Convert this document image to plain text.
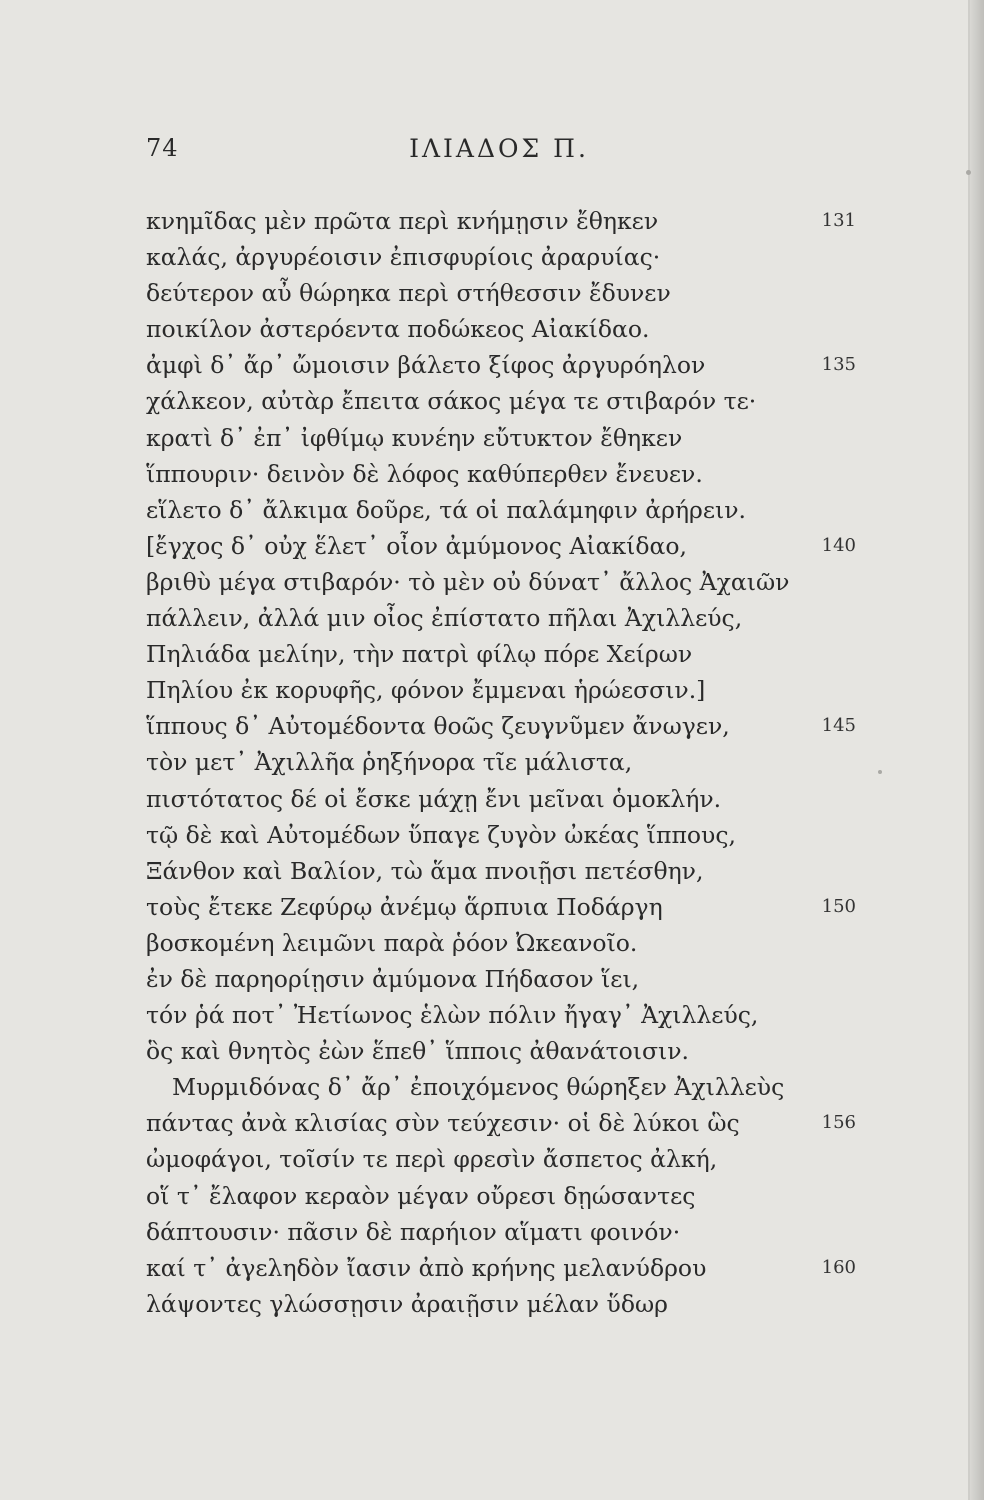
74	ΙΛΙΑΔΟΣ Π.
κνημῖδας μὲν πρῶτα περὶ κνήμῃσιν ἔθηκεν	131
καλάς, ἀργυρέοισιν ἐπισφυρίοις ἀραρυίας·
δεύτερον αὖ θώρηκα περὶ στήθεσσιν ἔδυνεν
ποικίλον ἀστερόεντα ποδώκεος Αἰακίδαο.
ἀμφὶ δ᾽ ἄρ᾽ ὤμοισιν βάλετο ξίφος ἀργυρόηλον	135
χάλκεον, αὐτὰρ ἔπειτα σάκος μέγα τε στιβαρόν τε·
κρατὶ δ᾽ ἐπ᾽ ἰφθίμῳ κυνέην εὔτυκτον ἔθηκεν
ἵππουριν· δεινὸν δὲ λόφος καθύπερθεν ἔνευεν.
εἵλετο δ᾽ ἄλκιμα δοῦρε, τά οἱ παλάμηφιν ἀρήρειν.
[ἔγχος δ᾽ οὐχ ἕλετ᾽ οἶον ἀμύμονος Αἰακίδαο,	140
βριθὺ μέγα στιβαρόν· τὸ μὲν οὐ δύνατ᾽ ἄλλος Ἀχαιῶν
πάλλειν, ἀλλά μιν οἶος ἐπίστατο πῆλαι Ἀχιλλεύς,
Πηλιάδα μελίην, τὴν πατρὶ φίλῳ πόρε Χείρων
Πηλίου ἐκ κορυφῆς, φόνον ἔμμεναι ἡρώεσσιν.]
ἵππους δ᾽ Αὐτομέδοντα θοῶς ζευγνῦμεν ἄνωγεν,	145
τὸν μετ᾽ Ἀχιλλῆα ῥηξήνορα τῖε μάλιστα,
πιστότατος δέ οἱ ἔσκε μάχῃ ἔνι μεῖναι ὁμοκλήν.
τῷ δὲ καὶ Αὐτομέδων ὕπαγε ζυγὸν ὠκέας ἵππους,
Ξάνθον καὶ Βαλίον, τὼ ἅμα πνοιῇσι πετέσθην,
τοὺς ἔτεκε Ζεφύρῳ ἀνέμῳ ἅρπυια Ποδάργη	150
βοσκομένη λειμῶνι παρὰ ῥόον Ὠκεανοῖο.
ἐν δὲ παρηορίῃσιν ἀμύμονα Πήδασον ἵει,
τόν ῥά ποτ᾽ Ἠετίωνος ἑλὼν πόλιν ἤγαγ᾽ Ἀχιλλεύς,
ὃς καὶ θνητὸς ἐὼν ἕπεθ᾽ ἵπποις ἀθανάτοισιν.
Μυρμιδόνας δ᾽ ἄρ᾽ ἐποιχόμενος θώρηξεν Ἀχιλλεὺς
πάντας ἀνὰ κλισίας σὺν τεύχεσιν· οἱ δὲ λύκοι ὣς	156
ὠμοφάγοι, τοῖσίν τε περὶ φρεσὶν ἄσπετος ἀλκή,
οἵ τ᾽ ἔλαφον κεραὸν μέγαν οὔρεσι δῃώσαντες
δάπτουσιν· πᾶσιν δὲ παρήιον αἵματι φοινόν·
καί τ᾽ ἀγεληδὸν ἴασιν ἀπὸ κρήνης μελανύδρου	160
λάψοντες γλώσσῃσιν ἀραιῇσιν μέλαν ὕδωρ
